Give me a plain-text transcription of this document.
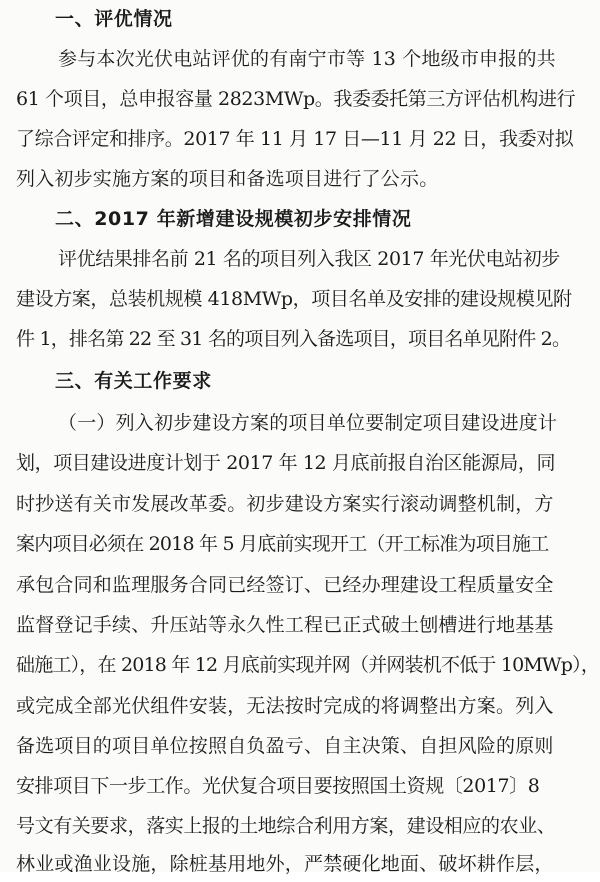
一、评优情况
参与本次光伏电站评优的有南宁市等 13 个地级市申报的共
61 个项目，总申报容量 2823MWp。我委委托第三方评估机构进行
了综合评定和排序。2017 年 11 月 17 日—11 月 22 日，我委对拟
列入初步实施方案的项目和备选项目进行了公示。
二、2017 年新增建设规模初步安排情况
评优结果排名前 21 名的项目列入我区 2017 年光伏电站初步
建设方案，总装机规模 418MWp，项目名单及安排的建设规模见附
件 1，排名第 22 至 31 名的项目列入备选项目，项目名单见附件 2。
三、有关工作要求
（一）列入初步建设方案的项目单位要制定项目建设进度计
划，项目建设进度计划于 2017 年 12 月底前报自治区能源局，同
时抄送有关市发展改革委。初步建设方案实行滚动调整机制，方
案内项目必须在 2018 年 5 月底前实现开工（开工标准为项目施工
承包合同和监理服务合同已经签订、已经办理建设工程质量安全
监督登记手续、升压站等永久性工程已正式破土刨槽进行地基基
础施工），在 2018 年 12 月底前实现并网（并网装机不低于 10MWp），
或完成全部光伏组件安装，无法按时完成的将调整出方案。列入
备选项目的项目单位按照自负盈亏、自主决策、自担风险的原则
安排项目下一步工作。光伏复合项目要按照国土资规〔2017〕8
号文有关要求，落实上报的土地综合利用方案，建设相应的农业、
林业或渔业设施，除桩基用地外，严禁硬化地面、破坏耕作层，
